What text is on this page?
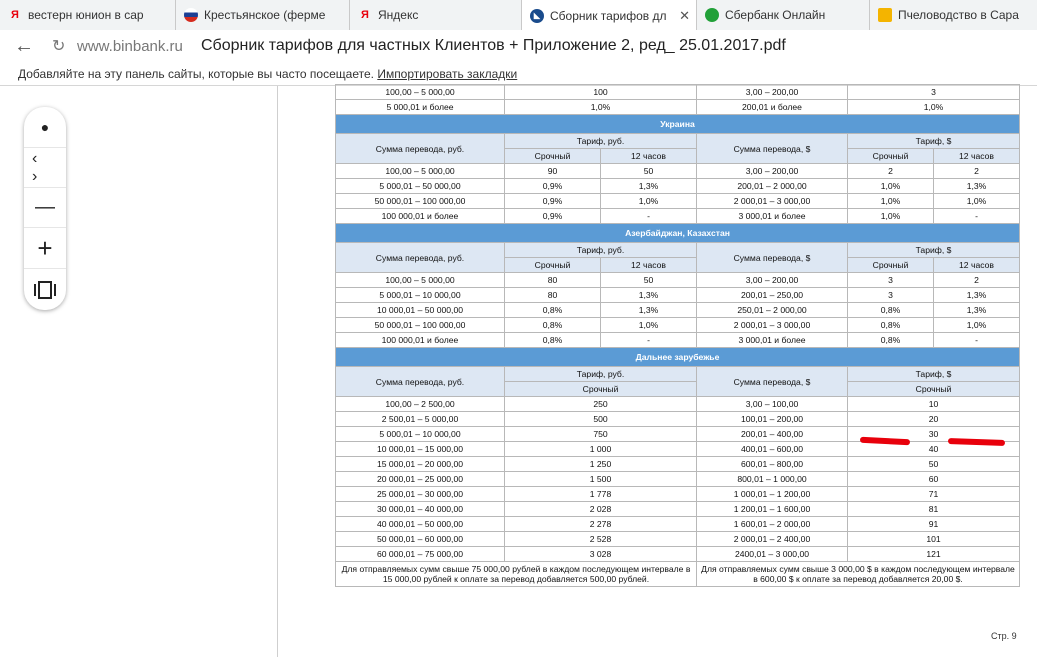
Я вестерн юнион в сар	Крестьянское (ферме	Я Яндекс	◣ Сборник тарифов дл ✕	Сбербанк Онлайн	Пчеловодство в Сара
← ↻ www.binbank.ru Сборник тарифов для частных Клиентов + Приложение 2, ред_ 25.01.2017.pdf
Добавляйте на эту панель сайты, которые вы часто посещаете. Импортировать закладки
●
‹ ›
—
+
100,00 – 5 000,00	100		3,00 – 200,00	3	
5 000,01 и более	1,0%		200,01 и более	1,0%	
Украина					
Сумма перевода, руб.	Тариф, руб.		Сумма перевода, $	Тариф, $	
	Срочный	12 часов		Срочный	12 часов
100,00 – 5 000,00	90	50	3,00 – 200,00	2	2
5 000,01 – 50 000,00	0,9%	1,3%	200,01 – 2 000,00	1,0%	1,3%
50 000,01 – 100 000,00	0,9%	1,0%	2 000,01 – 3 000,00	1,0%	1,0%
100 000,01 и более	0,9%	-	3 000,01 и более	1,0%	-
Азербайджан, Казахстан					
Сумма перевода, руб.	Тариф, руб.		Сумма перевода, $	Тариф, $	
	Срочный	12 часов		Срочный	12 часов
100,00 – 5 000,00	80	50	3,00 – 200,00	3	2
5 000,01 – 10 000,00	80	1,3%	200,01 – 250,00	3	1,3%
10 000,01 – 50 000,00	0,8%	1,3%	250,01 – 2 000,00	0,8%	1,3%
50 000,01 – 100 000,00	0,8%	1,0%	2 000,01 – 3 000,00	0,8%	1,0%
100 000,01 и более	0,8%	-	3 000,01 и более	0,8%	-
Дальнее зарубежье					
Сумма перевода, руб.	Тариф, руб.		Сумма перевода, $	Тариф, $	
	Срочный			Срочный	
100,00 – 2 500,00	250		3,00 – 100,00	10	
2 500,01 – 5 000,00	500		100,01 – 200,00	20	
5 000,01 – 10 000,00	750		200,01 – 400,00	30	
10 000,01 – 15 000,00	1 000		400,01 – 600,00	40	
15 000,01 – 20 000,00	1 250		600,01 – 800,00	50	
20 000,01 – 25 000,00	1 500		800,01 – 1 000,00	60	
25 000,01 – 30 000,00	1 778		1 000,01 – 1 200,00	71	
30 000,01 – 40 000,00	2 028		1 200,01 – 1 600,00	81	
40 000,01 – 50 000,00	2 278		1 600,01 – 2 000,00	91	
50 000,01 – 60 000,00	2 528		2 000,01 – 2 400,00	101	
60 000,01 – 75 000,00	3 028		2400,01 – 3 000,00	121	
Для отправляемых сумм свыше 75 000,00 рублей в каждом последующем интервале в 15 000,00 рублей к оплате за перевод добавляется 500,00 рублей.			Для отправляемых сумм свыше 3 000,00 $ в каждом последующем интервале в 600,00 $ к оплате за перевод добавляется 20,00 $.		
Стр. 9
